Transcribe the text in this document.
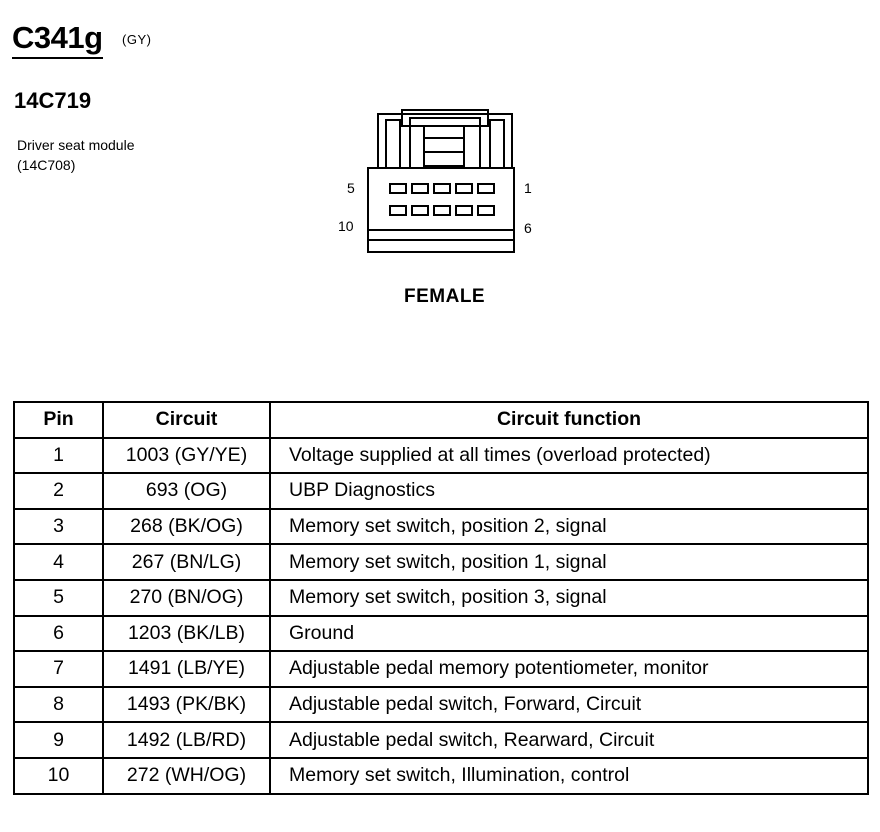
C341g (GY)
14C719
Driver seat module
(14C708)
5	1
10	6
FEMALE
Pin	Circuit	Circuit function
1	1003 (GY/YE)	Voltage supplied at all times (overload protected)
2	693 (OG)	UBP Diagnostics
3	268 (BK/OG)	Memory set switch, position 2, signal
4	267 (BN/LG)	Memory set switch, position 1, signal
5	270 (BN/OG)	Memory set switch, position 3, signal
6	1203 (BK/LB)	Ground
7	1491 (LB/YE)	Adjustable pedal memory potentiometer, monitor
8	1493 (PK/BK)	Adjustable pedal switch, Forward, Circuit
9	1492 (LB/RD)	Adjustable pedal switch, Rearward, Circuit
10	272 (WH/OG)	Memory set switch, Illumination, control
